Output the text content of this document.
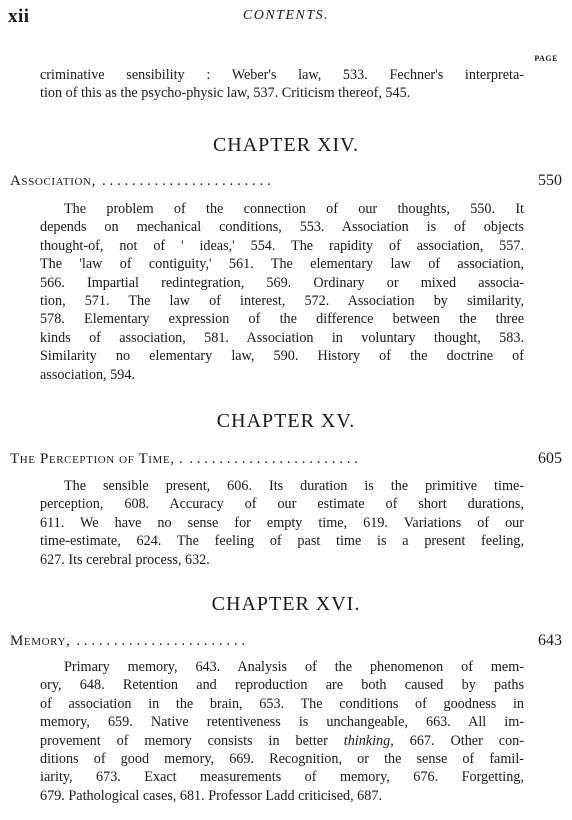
xii	CONTENTS.
PAGE
criminative sensibility : Weber's law, 533. Fechner's interpreta-
tion of this as the psycho-physic law, 537. Criticism thereof, 545.
CHAPTER XIV.
Association, . . . . . . . . . . . . . . . . . . . . . . .	550
The problem of the connection of our thoughts, 550. It
depends on mechanical conditions, 553. Association is of objects
thought-of, not of ' ideas,' 554. The rapidity of association, 557.
The 'law of contiguity,' 561. The elementary law of association,
566. Impartial redintegration, 569. Ordinary or mixed associa-
tion, 571. The law of interest, 572. Association by similarity,
578. Elementary expression of the difference between the three
kinds of association, 581. Association in voluntary thought, 583.
Similarity no elementary law, 590. History of the doctrine of
association, 594.
CHAPTER XV.
The Perception of Time, . . . . . . . . . . . . . . . . . . . . . . . .	605
The sensible present, 606. Its duration is the primitive time-
perception, 608. Accuracy of our estimate of short durations,
611. We have no sense for empty time, 619. Variations of our
time-estimate, 624. The feeling of past time is a present feeling,
627. Its cerebral process, 632.
CHAPTER XVI.
Memory, . . . . . . . . . . . . . . . . . . . . . . .	643
Primary memory, 643. Analysis of the phenomenon of mem-
ory, 648. Retention and reproduction are both caused by paths
of association in the brain, 653. The conditions of goodness in
memory, 659. Native retentiveness is unchangeable, 663. All im-
provement of memory consists in better thinking, 667. Other con-
ditions of good memory, 669. Recognition, or the sense of famil-
iarity, 673. Exact measurements of memory, 676. Forgetting,
679. Pathological cases, 681. Professor Ladd criticised, 687.
